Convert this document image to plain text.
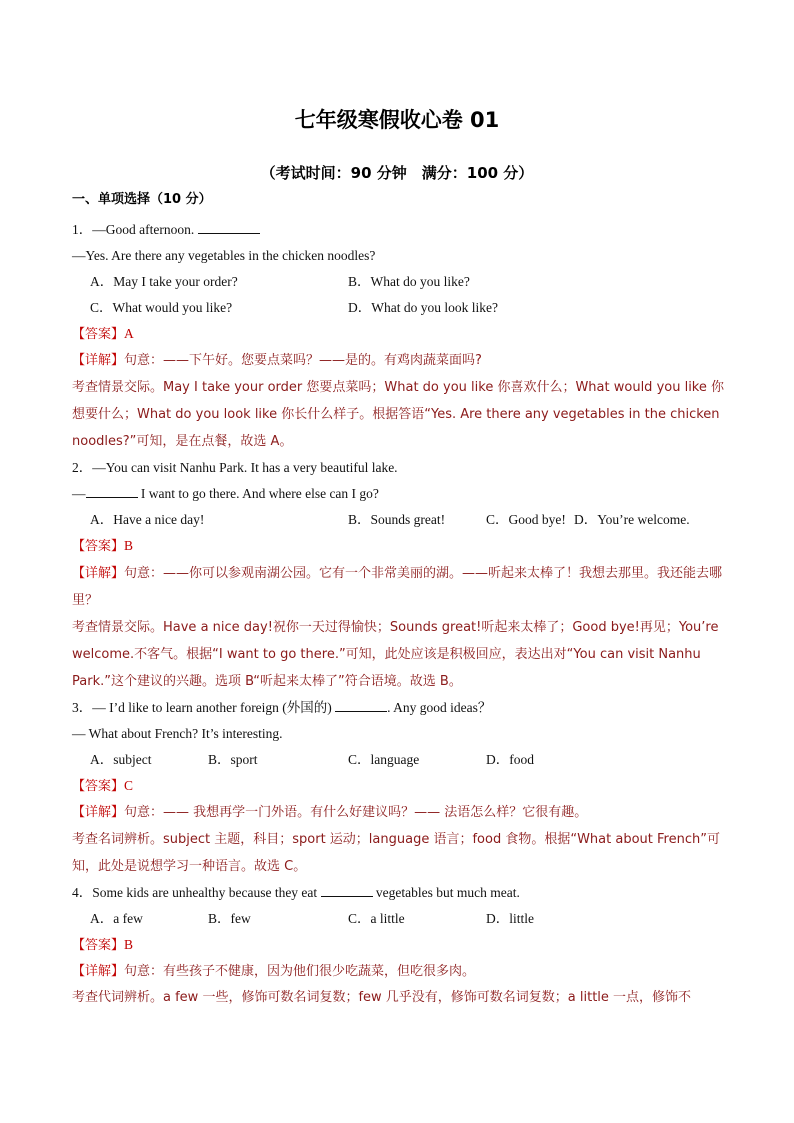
七年级寒假收心卷 01
（考试时间：90 分钟　满分：100 分）
一、单项选择（10 分）
1．—Good afternoon.
—Yes. Are there any vegetables in the chicken noodles?
A．May I take your order?	B．What do you like?
C．What would you like?	D．What do you look like?
【答案】A
【详解】句意：——下午好。您要点菜吗？——是的。有鸡肉蔬菜面吗?
考查情景交际。May I take your order 您要点菜吗；What do you like 你喜欢什么；What would you like 你想要什么；What do you look like 你长什么样子。根据答语“Yes. Are there any vegetables in the chicken noodles?”可知，是在点餐，故选 A。
2．—You can visit Nanhu Park. It has a very beautiful lake.
—	I want to go there. And where else can I go?
A．Have a nice day!	B．Sounds great!	C．Good bye! D．You’re welcome.
【答案】B
【详解】句意：——你可以参观南湖公园。它有一个非常美丽的湖。——听起来太棒了！我想去那里。我还能去哪里？
考查情景交际。Have a nice day!祝你一天过得愉快；Sounds great!听起来太棒了；Good bye!再见；You’re welcome.不客气。根据“I want to go there.”可知，此处应该是积极回应，表达出对“You can visit Nanhu Park.”这个建议的兴趣。选项 B“听起来太棒了”符合语境。故选 B。
3．— I’d like to learn another foreign (外国的)	. Any good ideas？
— What about French? It’s interesting.
A．subject	B．sport	C．language	D．food
【答案】C
【详解】句意：—— 我想再学一门外语。有什么好建议吗？—— 法语怎么样？它很有趣。
考查名词辨析。subject 主题，科目；sport 运动；language 语言；food 食物。根据“What about French”可知，此处是说想学习一种语言。故选 C。
4．Some kids are unhealthy because they eat	vegetables but much meat.
A．a few	B．few	C．a little	D．little
【答案】B
【详解】句意：有些孩子不健康，因为他们很少吃蔬菜，但吃很多肉。
考查代词辨析。a few 一些，修饰可数名词复数；few 几乎没有，修饰可数名词复数；a little 一点，修饰不
